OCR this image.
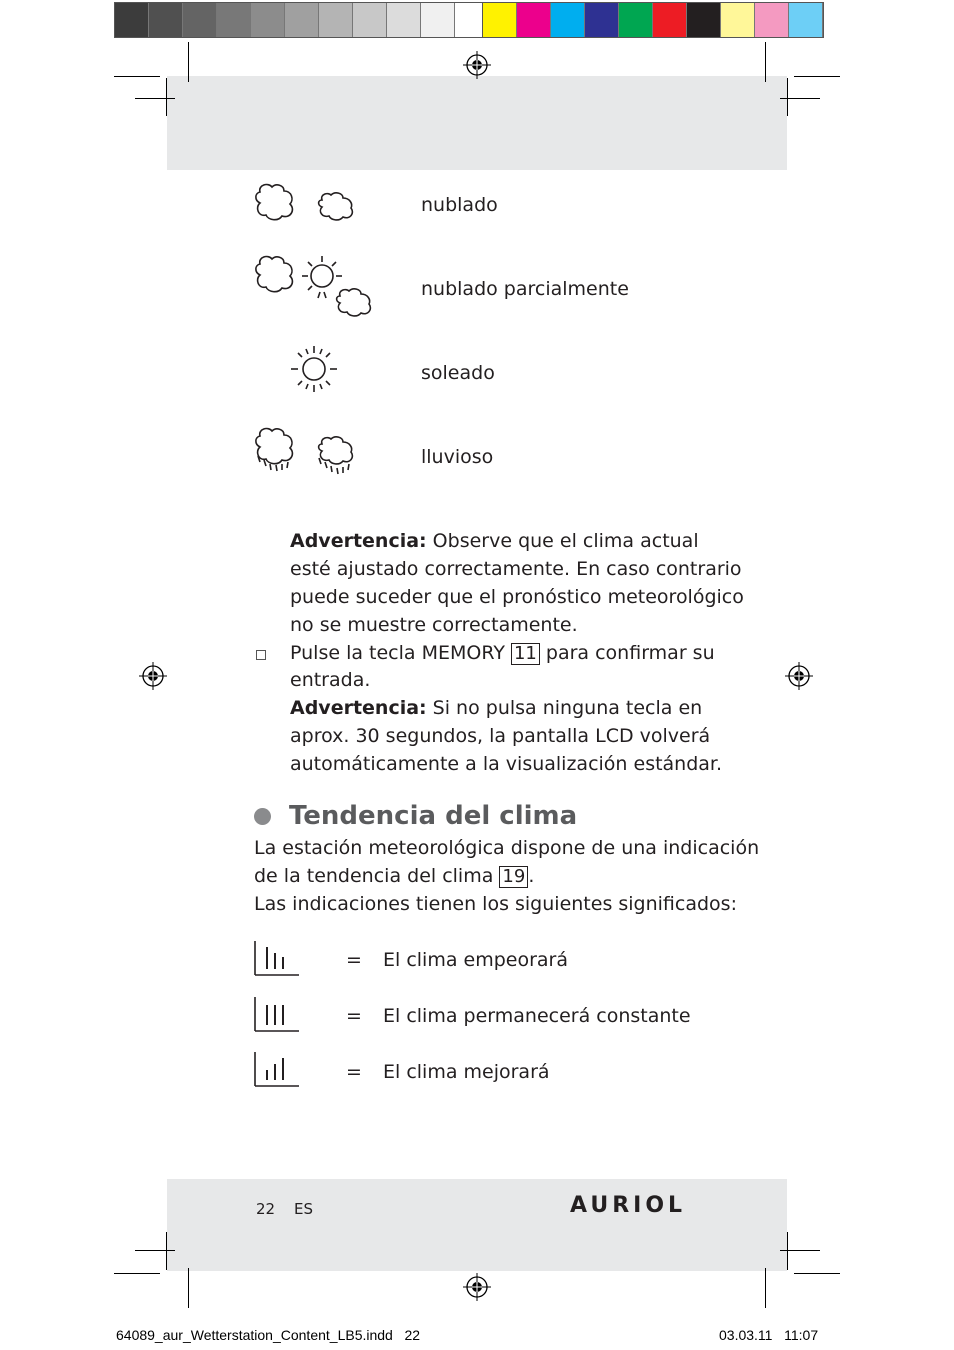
nublado
nublado parcialmente
soleado
lluvioso
Advertencia: Observe que el clima actual
esté ajustado correctamente. En caso contrario
puede suceder que el pronóstico meteorológico
no se muestre correctamente.
Pulse la tecla MEMORY 11 para confirmar su
entrada.
Advertencia: Si no pulsa ninguna tecla en
aprox. 30 segundos, la pantalla LCD volverá
automáticamente a la visualización estándar.
Tendencia del clima
La estación meteorológica dispone de una indicación
de la tendencia del clima 19 .
Las indicaciones tienen los siguientes significados:
= El clima empeorará
= El clima permanecerá constante
= El clima mejorará
22 ES	AURIOL
64089_aur_Wetterstation_Content_LB5.indd   22	03.03.11   11:07
